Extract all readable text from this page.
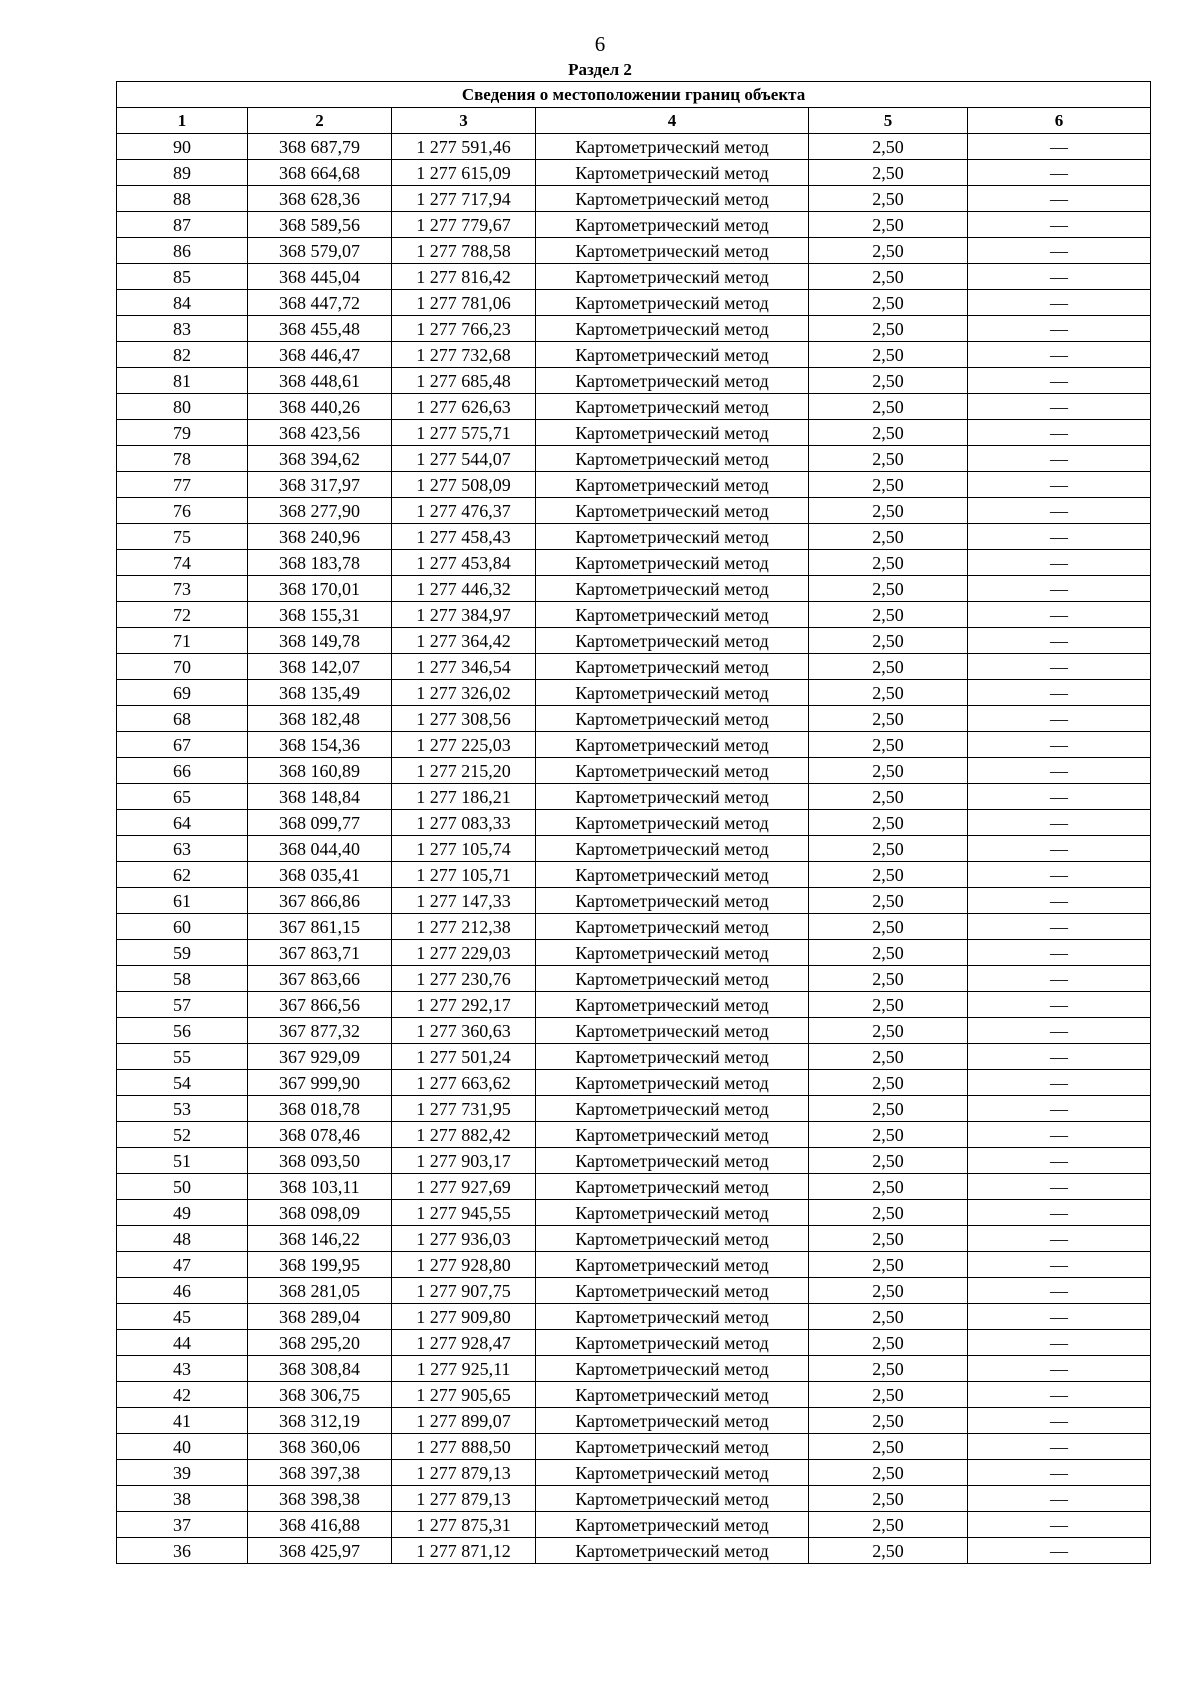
6
Раздел 2
Сведения о местоположении границ объекта					
1	2	3	4	5	6
90	368 687,79	1 277 591,46	Картометрический метод	2,50	—
89	368 664,68	1 277 615,09	Картометрический метод	2,50	—
88	368 628,36	1 277 717,94	Картометрический метод	2,50	—
87	368 589,56	1 277 779,67	Картометрический метод	2,50	—
86	368 579,07	1 277 788,58	Картометрический метод	2,50	—
85	368 445,04	1 277 816,42	Картометрический метод	2,50	—
84	368 447,72	1 277 781,06	Картометрический метод	2,50	—
83	368 455,48	1 277 766,23	Картометрический метод	2,50	—
82	368 446,47	1 277 732,68	Картометрический метод	2,50	—
81	368 448,61	1 277 685,48	Картометрический метод	2,50	—
80	368 440,26	1 277 626,63	Картометрический метод	2,50	—
79	368 423,56	1 277 575,71	Картометрический метод	2,50	—
78	368 394,62	1 277 544,07	Картометрический метод	2,50	—
77	368 317,97	1 277 508,09	Картометрический метод	2,50	—
76	368 277,90	1 277 476,37	Картометрический метод	2,50	—
75	368 240,96	1 277 458,43	Картометрический метод	2,50	—
74	368 183,78	1 277 453,84	Картометрический метод	2,50	—
73	368 170,01	1 277 446,32	Картометрический метод	2,50	—
72	368 155,31	1 277 384,97	Картометрический метод	2,50	—
71	368 149,78	1 277 364,42	Картометрический метод	2,50	—
70	368 142,07	1 277 346,54	Картометрический метод	2,50	—
69	368 135,49	1 277 326,02	Картометрический метод	2,50	—
68	368 182,48	1 277 308,56	Картометрический метод	2,50	—
67	368 154,36	1 277 225,03	Картометрический метод	2,50	—
66	368 160,89	1 277 215,20	Картометрический метод	2,50	—
65	368 148,84	1 277 186,21	Картометрический метод	2,50	—
64	368 099,77	1 277 083,33	Картометрический метод	2,50	—
63	368 044,40	1 277 105,74	Картометрический метод	2,50	—
62	368 035,41	1 277 105,71	Картометрический метод	2,50	—
61	367 866,86	1 277 147,33	Картометрический метод	2,50	—
60	367 861,15	1 277 212,38	Картометрический метод	2,50	—
59	367 863,71	1 277 229,03	Картометрический метод	2,50	—
58	367 863,66	1 277 230,76	Картометрический метод	2,50	—
57	367 866,56	1 277 292,17	Картометрический метод	2,50	—
56	367 877,32	1 277 360,63	Картометрический метод	2,50	—
55	367 929,09	1 277 501,24	Картометрический метод	2,50	—
54	367 999,90	1 277 663,62	Картометрический метод	2,50	—
53	368 018,78	1 277 731,95	Картометрический метод	2,50	—
52	368 078,46	1 277 882,42	Картометрический метод	2,50	—
51	368 093,50	1 277 903,17	Картометрический метод	2,50	—
50	368 103,11	1 277 927,69	Картометрический метод	2,50	—
49	368 098,09	1 277 945,55	Картометрический метод	2,50	—
48	368 146,22	1 277 936,03	Картометрический метод	2,50	—
47	368 199,95	1 277 928,80	Картометрический метод	2,50	—
46	368 281,05	1 277 907,75	Картометрический метод	2,50	—
45	368 289,04	1 277 909,80	Картометрический метод	2,50	—
44	368 295,20	1 277 928,47	Картометрический метод	2,50	—
43	368 308,84	1 277 925,11	Картометрический метод	2,50	—
42	368 306,75	1 277 905,65	Картометрический метод	2,50	—
41	368 312,19	1 277 899,07	Картометрический метод	2,50	—
40	368 360,06	1 277 888,50	Картометрический метод	2,50	—
39	368 397,38	1 277 879,13	Картометрический метод	2,50	—
38	368 398,38	1 277 879,13	Картометрический метод	2,50	—
37	368 416,88	1 277 875,31	Картометрический метод	2,50	—
36	368 425,97	1 277 871,12	Картометрический метод	2,50	—
